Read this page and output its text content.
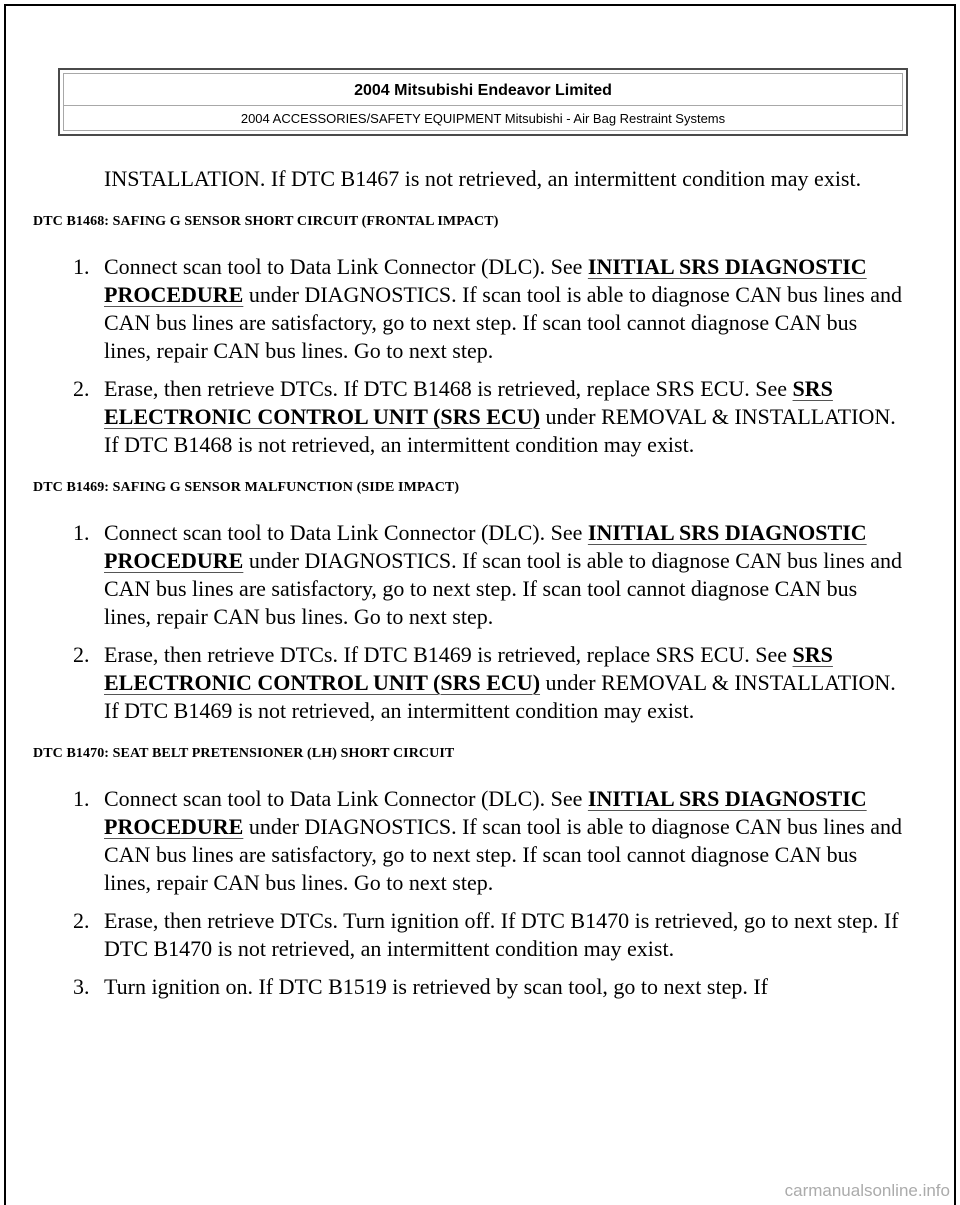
2004 Mitsubishi Endeavor Limited
2004 ACCESSORIES/SAFETY EQUIPMENT Mitsubishi - Air Bag Restraint Systems
INSTALLATION. If DTC B1467 is not retrieved, an intermittent condition may exist.
DTC B1468: SAFING G SENSOR SHORT CIRCUIT (FRONTAL IMPACT)
1. Connect scan tool to Data Link Connector (DLC). See INITIAL SRS DIAGNOSTIC PROCEDURE under DIAGNOSTICS. If scan tool is able to diagnose CAN bus lines and CAN bus lines are satisfactory, go to next step. If scan tool cannot diagnose CAN bus lines, repair CAN bus lines. Go to next step.
2. Erase, then retrieve DTCs. If DTC B1468 is retrieved, replace SRS ECU. See SRS ELECTRONIC CONTROL UNIT (SRS ECU) under REMOVAL & INSTALLATION. If DTC B1468 is not retrieved, an intermittent condition may exist.
DTC B1469: SAFING G SENSOR MALFUNCTION (SIDE IMPACT)
1. Connect scan tool to Data Link Connector (DLC). See INITIAL SRS DIAGNOSTIC PROCEDURE under DIAGNOSTICS. If scan tool is able to diagnose CAN bus lines and CAN bus lines are satisfactory, go to next step. If scan tool cannot diagnose CAN bus lines, repair CAN bus lines. Go to next step.
2. Erase, then retrieve DTCs. If DTC B1469 is retrieved, replace SRS ECU. See SRS ELECTRONIC CONTROL UNIT (SRS ECU) under REMOVAL & INSTALLATION. If DTC B1469 is not retrieved, an intermittent condition may exist.
DTC B1470: SEAT BELT PRETENSIONER (LH) SHORT CIRCUIT
1. Connect scan tool to Data Link Connector (DLC). See INITIAL SRS DIAGNOSTIC PROCEDURE under DIAGNOSTICS. If scan tool is able to diagnose CAN bus lines and CAN bus lines are satisfactory, go to next step. If scan tool cannot diagnose CAN bus lines, repair CAN bus lines. Go to next step.
2. Erase, then retrieve DTCs. Turn ignition off. If DTC B1470 is retrieved, go to next step. If DTC B1470 is not retrieved, an intermittent condition may exist.
3. Turn ignition on. If DTC B1519 is retrieved by scan tool, go to next step. If
carmanualsonline.info
